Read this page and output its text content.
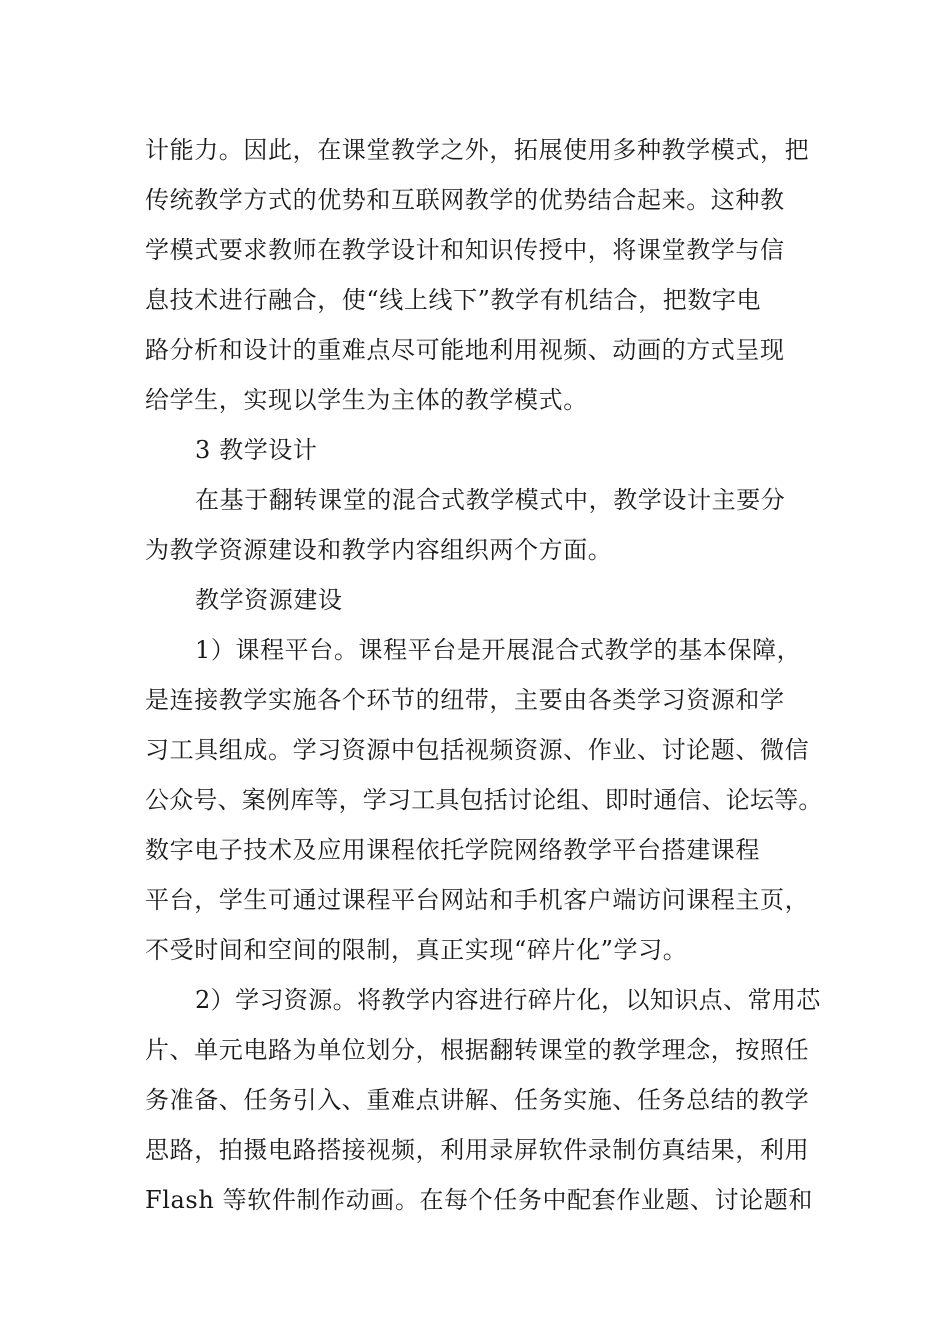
计能力。因此，在课堂教学之外，拓展使用多种教学模式，把
传统教学方式的优势和互联网教学的优势结合起来。这种教
学模式要求教师在教学设计和知识传授中，将课堂教学与信
息技术进行融合，使“线上线下”教学有机结合，把数字电
路分析和设计的重难点尽可能地利用视频、动画的方式呈现
给学生，实现以学生为主体的教学模式。
3 教学设计
在基于翻转课堂的混合式教学模式中，教学设计主要分
为教学资源建设和教学内容组织两个方面。
教学资源建设
1）课程平台。课程平台是开展混合式教学的基本保障，
是连接教学实施各个环节的纽带，主要由各类学习资源和学
习工具组成。学习资源中包括视频资源、作业、讨论题、微信
公众号、案例库等，学习工具包括讨论组、即时通信、论坛等。
数字电子技术及应用课程依托学院网络教学平台搭建课程
平台，学生可通过课程平台网站和手机客户端访问课程主页，
不受时间和空间的限制，真正实现“碎片化”学习。
2）学习资源。将教学内容进行碎片化，以知识点、常用芯
片、单元电路为单位划分，根据翻转课堂的教学理念，按照任
务准备、任务引入、重难点讲解、任务实施、任务总结的教学
思路，拍摄电路搭接视频，利用录屏软件录制仿真结果，利用
Flash 等软件制作动画。在每个任务中配套作业题、讨论题和
